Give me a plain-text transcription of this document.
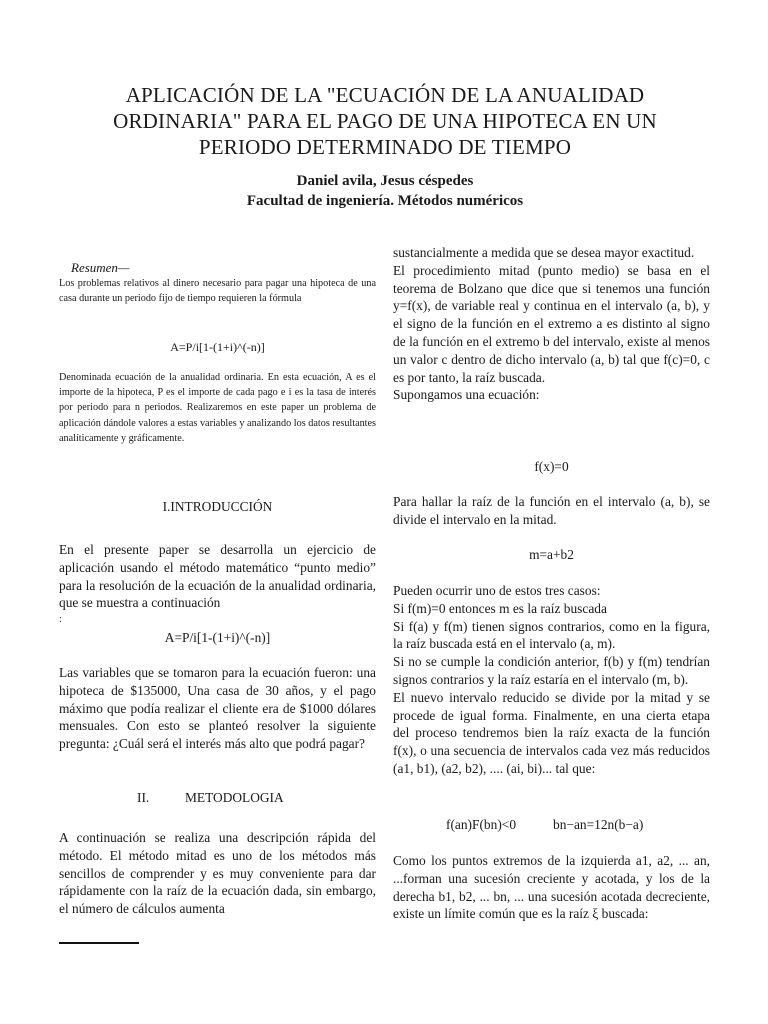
APLICACIÓN DE LA "ECUACIÓN DE LA ANUALIDAD
ORDINARIA" PARA EL PAGO DE UNA HIPOTECA EN UN
PERIODO DETERMINADO DE TIEMPO
Daniel avila, Jesus céspedes
Facultad de ingeniería. Métodos numéricos
Resumen—

Los problemas relativos al dinero necesario para pagar una hipoteca de una casa durante un periodo fijo de tiempo requieren la fórmula

A=P/i[1-(1+i)^(-n)]

Denominada ecuación de la anualidad ordinaria. En esta ecuación, A es el importe de la hipoteca, P es el importe de cada pago e i es la tasa de interés por periodo para n periodos. Realizaremos en este paper un problema de aplicación dándole valores a estas variables y analizando los datos resultantes analíticamente y gráficamente.

I.INTRODUCCIÓN
En el presente paper se desarrolla un ejercicio de aplicación usando el método matemático “punto medio” para la resolución de la ecuación de la anualidad ordinaria, que se muestra a continuación
:
A=P/i[1-(1+i)^(-n)]
Las variables que se tomaron para la ecuación fueron: una hipoteca de $135000, Una casa de 30 años, y el pago máximo que podía realizar el cliente era de $1000 dólares mensuales. Con esto se planteó resolver la siguiente pregunta: ¿Cuál será el interés más alto que podrá pagar?
II.	METODOLOGIA
A continuación se realiza una descripción rápida del método. El método mitad es uno de los métodos más sencillos de comprender y es muy conveniente para dar rápidamente con la raíz de la ecuación dada, sin embargo, el número de cálculos aumenta

sustancialmente a medida que se desea mayor exactitud.

El procedimiento mitad (punto medio) se basa en el teorema de Bolzano que dice que si tenemos una función y=f(x), de variable real y continua en el intervalo (a, b), y el signo de la función en el extremo a es distinto al signo de la función en el extremo b del intervalo, existe al menos un valor c dentro de dicho intervalo (a, b) tal que f(c)=0, c es por tanto, la raíz buscada.

Supongamos una ecuación:

f(x)=0
Para hallar la raíz de la función en el intervalo (a, b), se divide el intervalo en la mitad.
m=a+b2

Pueden ocurrir uno de estos tres casos:

Si f(m)=0 entonces m es la raíz buscada

Si f(a) y f(m) tienen signos contrarios, como en la figura, la raíz buscada está en el intervalo (a, m).

Si no se cumple la condición anterior, f(b) y f(m) tendrían signos contrarios y la raíz estaría en el intervalo (m, b).

El nuevo intervalo reducido se divide por la mitad y se procede de igual forma. Finalmente, en una cierta etapa del proceso tendremos bien la raíz exacta de la función f(x), o una secuencia de intervalos cada vez más reducidos (a1, b1), (a2, b2), .... (ai, bi)... tal que:

f(an)F(bn)<0	bn−an=12n(b−a)
Como los puntos extremos de la izquierda a1, a2, ... an, ...forman una sucesión creciente y acotada, y los de la derecha b1, b2, ... bn, ... una sucesión acotada decreciente, existe un límite común que es la raíz ξ buscada:
